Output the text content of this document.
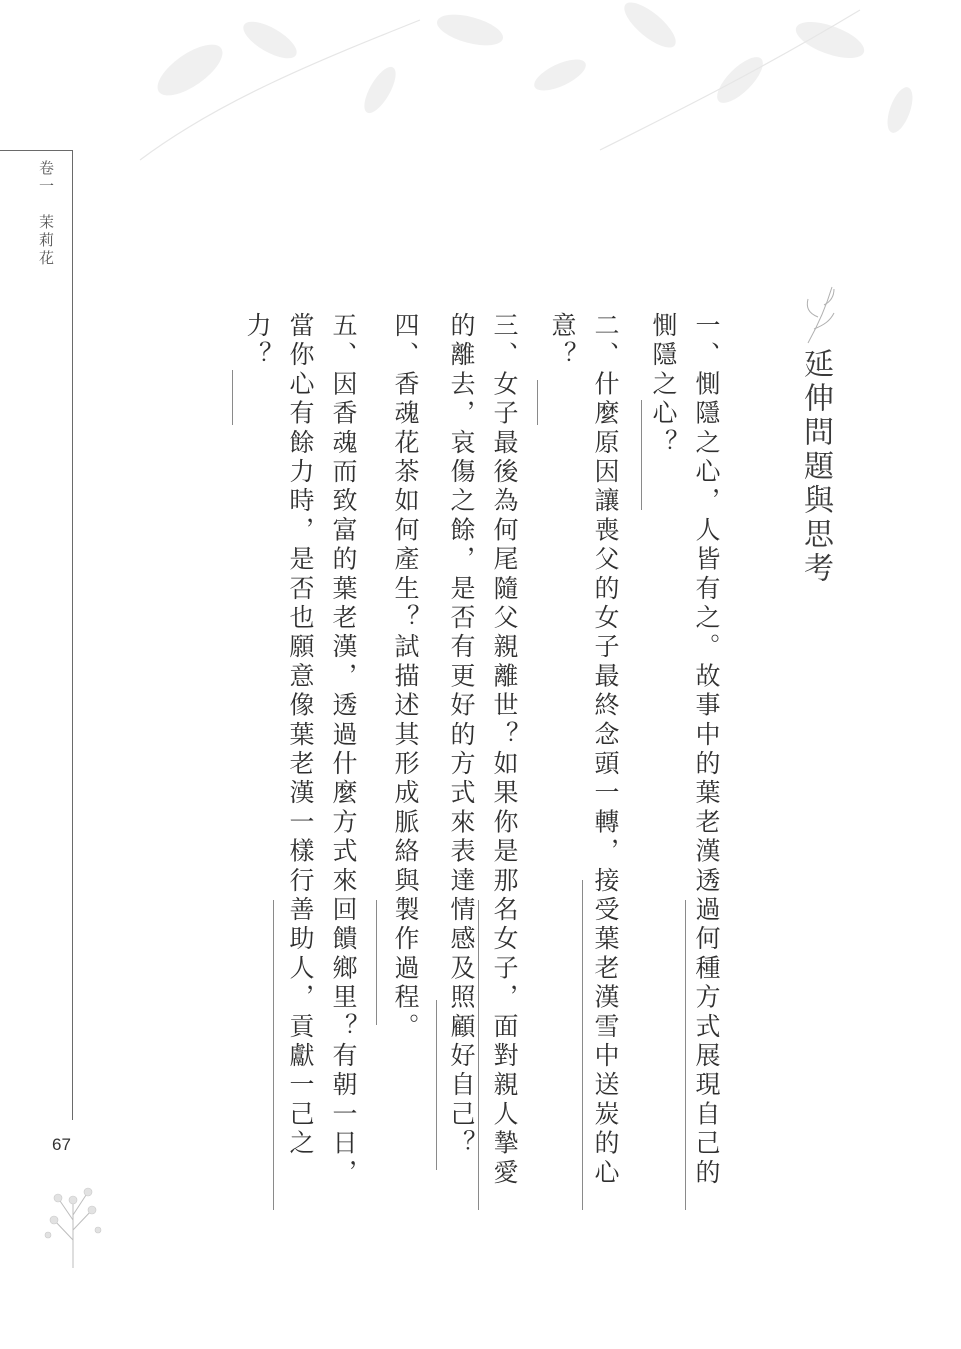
卷一　茉莉花
67
延伸問題與思考
一、惻隱之心，人皆有之。故事中的葉老漢透過何種方式展現自己的惻隱之心？
二、什麼原因讓喪父的女子最終念頭一轉，接受葉老漢雪中送炭的心意？
三、女子最後為何尾隨父親離世？如果你是那名女子，面對親人摯愛的離去，哀傷之餘，是否有更好的方式來表達情感及照顧好自己？
四、香魂花茶如何產生？試描述其形成脈絡與製作過程。
五、因香魂而致富的葉老漢，透過什麼方式來回饋鄉里？有朝一日，當你心有餘力時，是否也願意像葉老漢一樣行善助人，貢獻一己之力？
